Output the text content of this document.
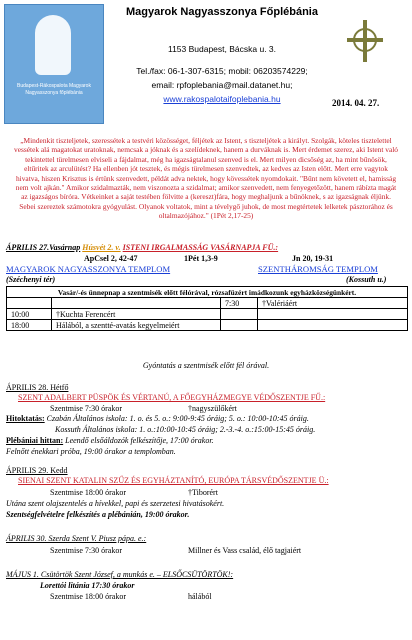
Budapest-Rákospalota Magyarok Nagyasszonya főplébánia
Magyarok Nagyasszonya Főplébánia
1153 Budapest, Bácska u. 3.
Tel./fax: 06-1-307-6315; mobil: 06203574229;
email: rpfoplebania@mail.datanet.hu;
www.rakospalotaifoplebania.hu	2014. 04. 27.
„Mindenkit tiszteljetek, szeressétek a testvéri közösséget, féljétek az Istent, s tiszteljétek a királyt. Szolgák, köteles tisztelettel vessétek alá magatokat uratoknak, nemcsak a jóknak és a szelídeknek, hanem a durváknak is. Mert érdemet szerez, aki Istent való tekintettel türelmesen elviseli a fájdalmat, még ha igazságtalanul szenved is el. Mert milyen dicsőség az, ha mint bűnösök, eltűritek az arculütést? Ha ellenben jót tesztek, és mégis türelmesen szenvedtek, az kedves az Isten előtt. Mert erre vagytok hivatva, hiszen Krisztus is értünk szenvedett, példát adva nektek, hogy kövessétek nyomdokait. "Bűnt nem követett el, hamisság nem volt ajkán." Amikor szidalmazták, nem viszonozta a szidalmat; amikor szenvedett, nem fenyegetőzött, hanem rábízta magát az igazságos bíróra. Vétkeinket a saját testében fölvitte a (kereszt)fára, hogy meghaljunk a bűnöknek, s az igazságnak éljünk. Sebei szereztek számotokra gyógyulást. Olyanok voltatok, mint a tévelygő juhok, de most megtértetek lelketek pásztorához és oltalmazójához." (1Pét 2,17-25)
ÁPRILIS 27.Vasárnap Húsvét 2. v. ISTENI IRGALMASSÁG VASÁRNAPJA FÜ.:
ApCsel 2, 42-47	1Pét 1,3-9	Jn 20, 19-31
MAGYAROK NAGYASSZONYA TEMPLOM	SZENTHÁROMSÁG TEMPLOM
(Széchenyi tér)	(Kossuth u.)
Vasár/-és ünnepnap a szentmisék előtt félórával, rózsafüzért imádkozunk egyházközségünkért.			
		7:30	†Valériáért
10:00	†Kuchta Ferencért		
18:00	Hálából, a szentté-avatás kegyelmeiért		
Gyóntatás a szentmisék előtt fél órával.
ÁPRILIS 28. Hétfő
SZENT ADALBERT PÜSPÖK ÉS VÉRTANÚ, A FŐEGYHÁZMEGYE VÉDŐSZENTJE FŰ.:
Szentmise 7:30 órakor	†nagyszülőkért
Hitoktatás: Czabán Általános iskola: 1. o. és 5. o.: 9:00-9:45 óráig; 5. o.: 10:00-10:45 óráig.
Kossuth Általános iskola: 1. o.:10:00-10:45 óráig; 2.-3.-4. o.:15:00-15:45 óráig.
Plébániai hittan: Leendő elsőáldozók felkészítője, 17:00 órakor.
Felnőtt énekkari próba, 19:00 órakor a templomban.
ÁPRILIS 29. Kedd
SIENAI SZENT KATALIN SZŰZ ÉS EGYHÁZTANÍTÓ, EURÓPA TÁRSVÉDŐSZENTJE Ü.:
Szentmise 18:00 órakor	†Tiborért
Utána szent olajszentelés a hívekkel, papi és szerzetesi hivatásokért.
Szentségfelvételre felkészítés a plébánián, 19:00 órakor.
ÁPRILIS 30. Szerda Szent V. Piusz pápa. e.:
Szentmise 7:30 órakor	Millner és Vass család, élő tagjaiért
MÁJUS 1. Csütörtök Szent József, a munkás e. – ELSŐCSÜTÖRTÖK!:
Lorettói litánia 17:30 órakor
Szentmise 18:00 órakor	hálából
